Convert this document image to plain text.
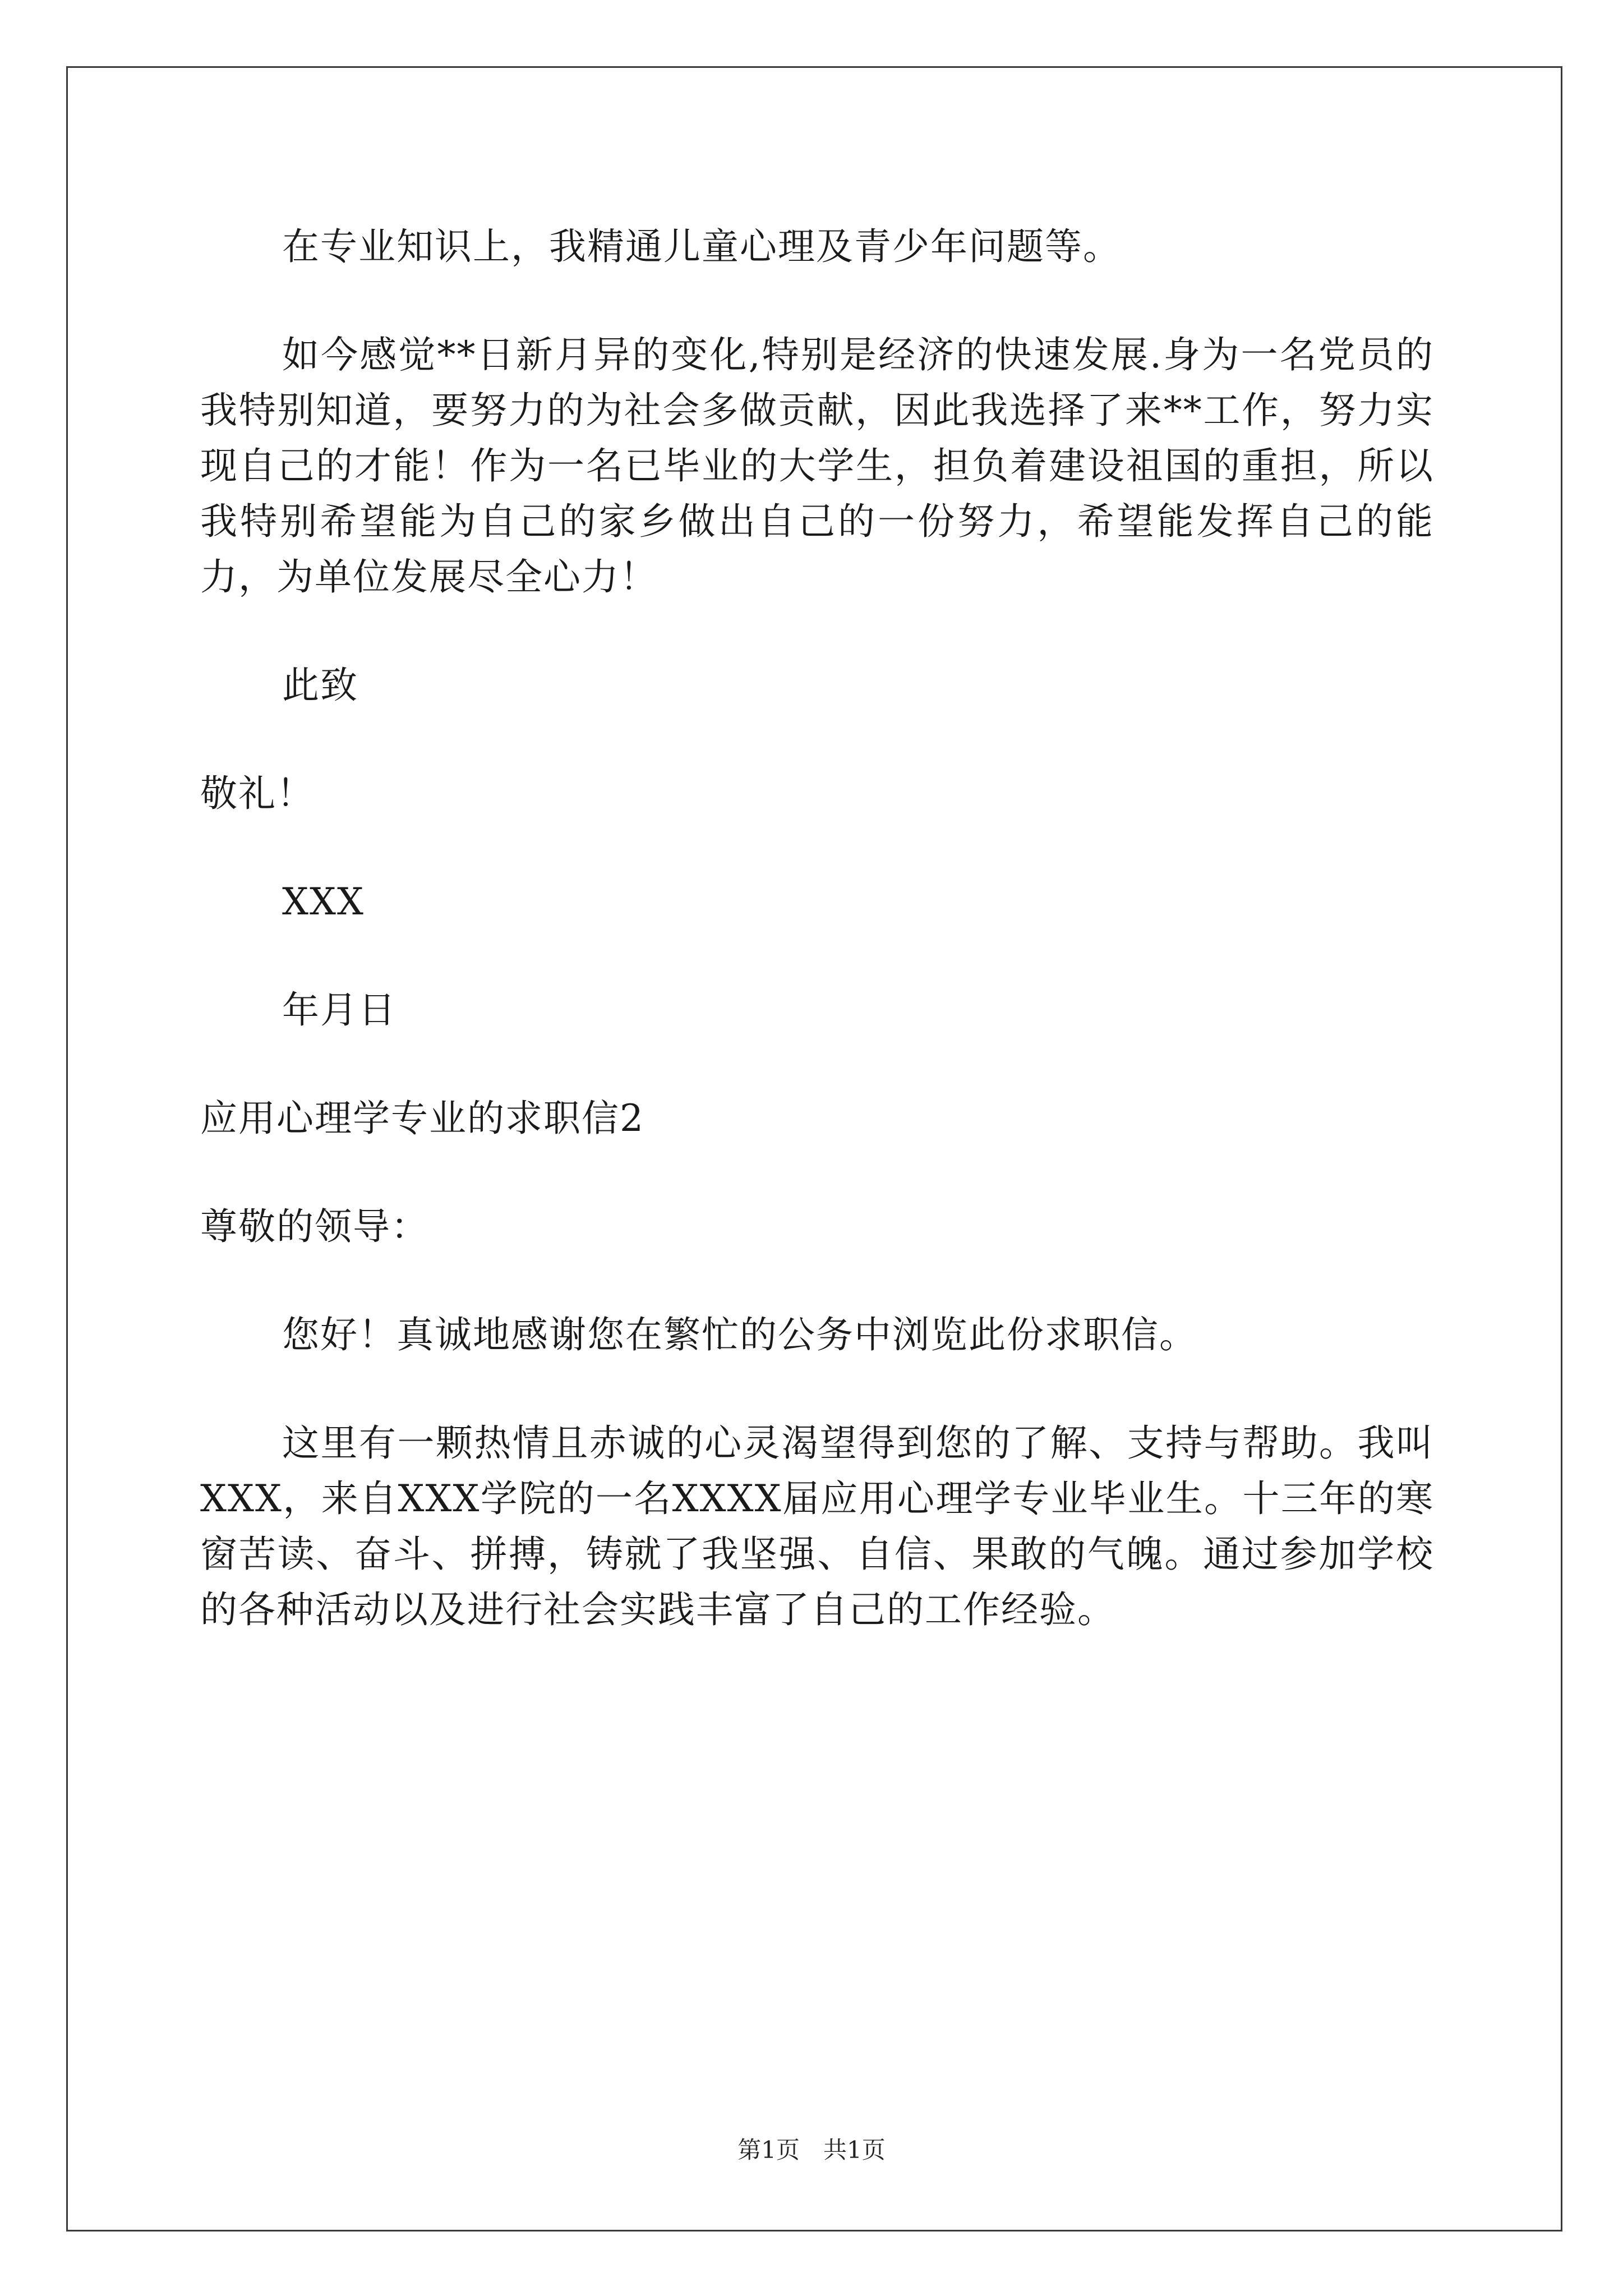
在专业知识上，我精通儿童心理及青少年问题等。

如今感觉**日新月异的变化,特别是经济的快速发展.身为一名党员的我特别知道，要努力的为社会多做贡献，因此我选择了来**工作，努力实现自己的才能！作为一名已毕业的大学生，担负着建设祖国的重担，所以我特别希望能为自己的家乡做出自己的一份努力，希望能发挥自己的能力，为单位发展尽全心力！

此致

敬礼！

XXX

年月日

应用心理学专业的求职信2

尊敬的领导：

您好！真诚地感谢您在繁忙的公务中浏览此份求职信。

这里有一颗热情且赤诚的心灵渴望得到您的了解、支持与帮助。我叫XXX，来自XXX学院的一名XXXX届应用心理学专业毕业生。十三年的寒窗苦读、奋斗、拼搏，铸就了我坚强、自信、果敢的气魄。通过参加学校的各种活动以及进行社会实践丰富了自己的工作经验。

第1页　共1页
